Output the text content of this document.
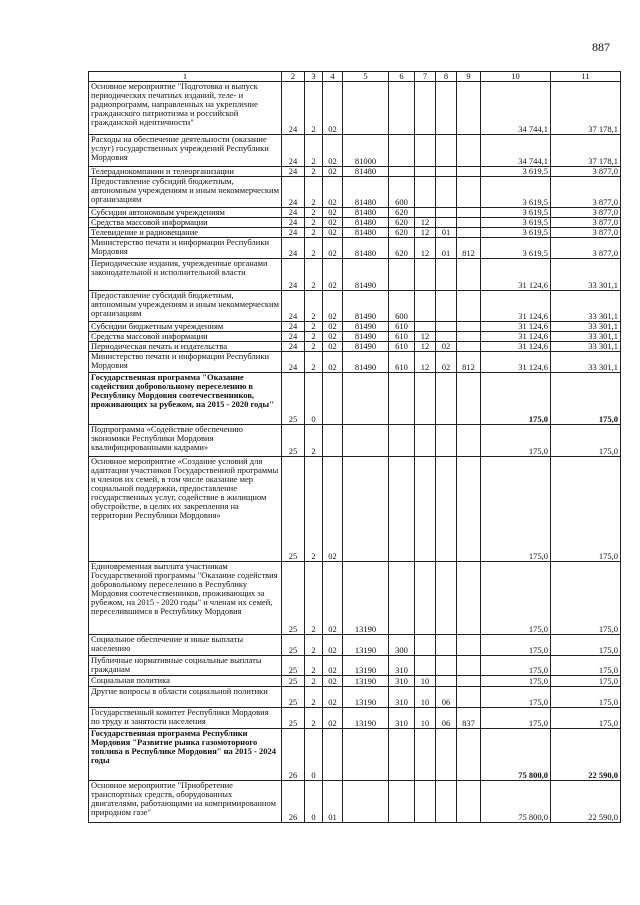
887
1	2	3	4	5	6	7	8	9	10	11
Основное мероприятие "Подготовка и выпуск периодических печатных изданий, теле- и радиопрограмм, направленных на укрепление гражданского патриотизма и российской гражданской идентичности"	24	2	02						34 744,1	37 178,1
Расходы на обеспечение деятельности (оказание услуг) государственных учреждений Республики Мордовия	24	2	02	81000					34 744,1	37 178,1
Телерадиокомпании и телеорганизации	24	2	02	81480					3 619,5	3 877,0
Предоставление субсидий бюджетным, автономным учреждениям и иным некоммерческим организациям	24	2	02	81480	600				3 619,5	3 877,0
Субсидии автономным учреждениям	24	2	02	81480	620				3 619,5	3 877,0
Средства массовой информации	24	2	02	81480	620	12			3 619,5	3 877,0
Телевидение и радиовещание	24	2	02	81480	620	12	01		3 619,5	3 877,0
Министерство печати и информации Республики Мордовия	24	2	02	81480	620	12	01	812	3 619,5	3 877,0
Периодические издания, учрежденные органами законодательной и исполнительной власти	24	2	02	81490					31 124,6	33 301,1
Предоставление субсидий бюджетным, автономным учреждениям и иным некоммерческим организациям	24	2	02	81490	600				31 124,6	33 301,1
Субсидии бюджетным учреждениям	24	2	02	81490	610				31 124,6	33 301,1
Средства массовой информации	24	2	02	81490	610	12			31 124,6	33 301,1
Периодическая печать и издательства	24	2	02	81490	610	12	02		31 124,6	33 301,1
Министерство печати и информации Республики Мордовия	24	2	02	81490	610	12	02	812	31 124,6	33 301,1
Государственная программа "Оказание содействия добровольному переселению в Республику Мордовия соотечественников, проживающих за рубежом, на 2015 - 2020 годы"	25	0							175,0	175,0
Подпрограмма «Содействие обеспечению экономики Республики Мордовия квалифицированными кадрами»	25	2							175,0	175,0
Основное мероприятие «Создание условий для адаптации участников Государственной программы и членов их семей, в том числе оказание мер социальной поддержки, предоставление государственных услуг, содействие в жилищном обустройстве, в целях их закрепления на территории Республики Мордовия»	25	2	02						175,0	175,0
Единовременная выплата участникам Государственной программы "Оказание содействия добровольному переселению в Республику Мордовия соотечественников, проживающих за рубежом, на 2015 - 2020 годы" и членам их семей, переселившимся в Республику Мордовия	25	2	02	13190					175,0	175,0
Социальное обеспечение и иные выплаты населению	25	2	02	13190	300				175,0	175,0
Публичные нормативные социальные выплаты гражданам	25	2	02	13190	310				175,0	175,0
Социальная политика	25	2	02	13190	310	10			175,0	175,0
Другие вопросы в области социальной политики	25	2	02	13190	310	10	06		175,0	175,0
Государственный комитет Республики Мордовия по труду и занятости населения	25	2	02	13190	310	10	06	837	175,0	175,0
Государственная программа Республики Мордовия "Развитие рынка газомоторного топлива в Республике Мордовия" на 2015 - 2024 годы	26	0							75 800,0	22 590,0
Основное мероприятие "Приобретение транспортных средств, оборудованных двигателями, работающими на компримированном природном газе"	26	0	01						75 800,0	22 590,0
